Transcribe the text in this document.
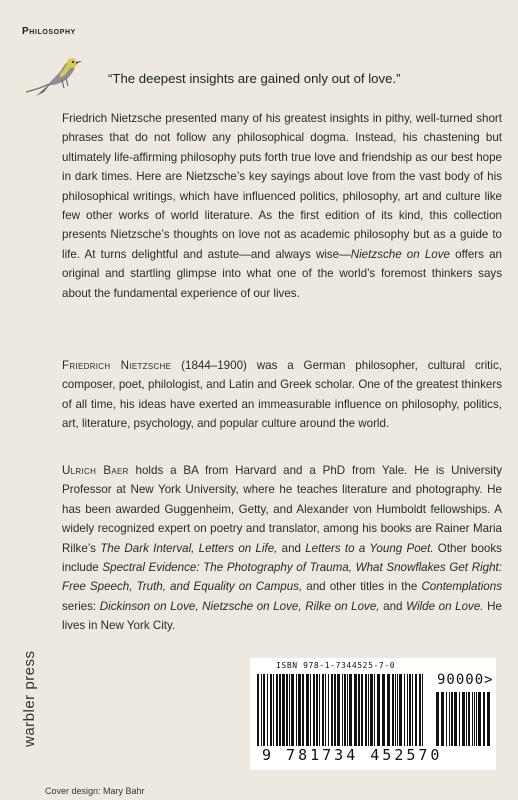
Philosophy
“The deepest insights are gained only out of love.”

Friedrich Nietzsche presented many of his greatest insights in pithy, well-turned short phrases that do not follow any philosophical dogma. Instead, his chastening but ultimately life-affirming philosophy puts forth true love and friendship as our best hope in dark times. Here are Nietzsche’s key sayings about love from the vast body of his philosophical writings, which have influenced politics, philosophy, art and culture like few other works of world literature. As the first edition of its kind, this collection presents Nietzsche’s thoughts on love not as academic philosophy but as a guide to life. At turns delightful and astute—and always wise—Nietzsche on Love offers an original and startling glimpse into what one of the world’s foremost thinkers says about the fundamental experience of our lives.

Friedrich Nietzsche (1844–1900) was a German philosopher, cultural critic, composer, poet, philologist, and Latin and Greek scholar. One of the greatest thinkers of all time, his ideas have exerted an immeasurable influence on philosophy, politics, art, literature, psychology, and popular culture around the world.

Ulrich Baer holds a BA from Harvard and a PhD from Yale. He is University Professor at New York University, where he teaches literature and photography. He has been awarded Guggenheim, Getty, and Alexander von Humboldt fellowships. A widely recognized expert on poetry and translator, among his books are Rainer Maria Rilke’s The Dark Interval, Letters on Life, and Letters to a Young Poet. Other books include Spectral Evidence: The Photography of Trauma, What Snowflakes Get Right: Free Speech, Truth, and Equality on Campus, and other titles in the Contemplations series: Dickinson on Love, Nietzsche on Love, Rilke on Love, and Wilde on Love. He lives in New York City.

warbler press	ISBN 978-1-7344525-7-0
90000>
9 781734 452570
Cover design: Mary Bahr
